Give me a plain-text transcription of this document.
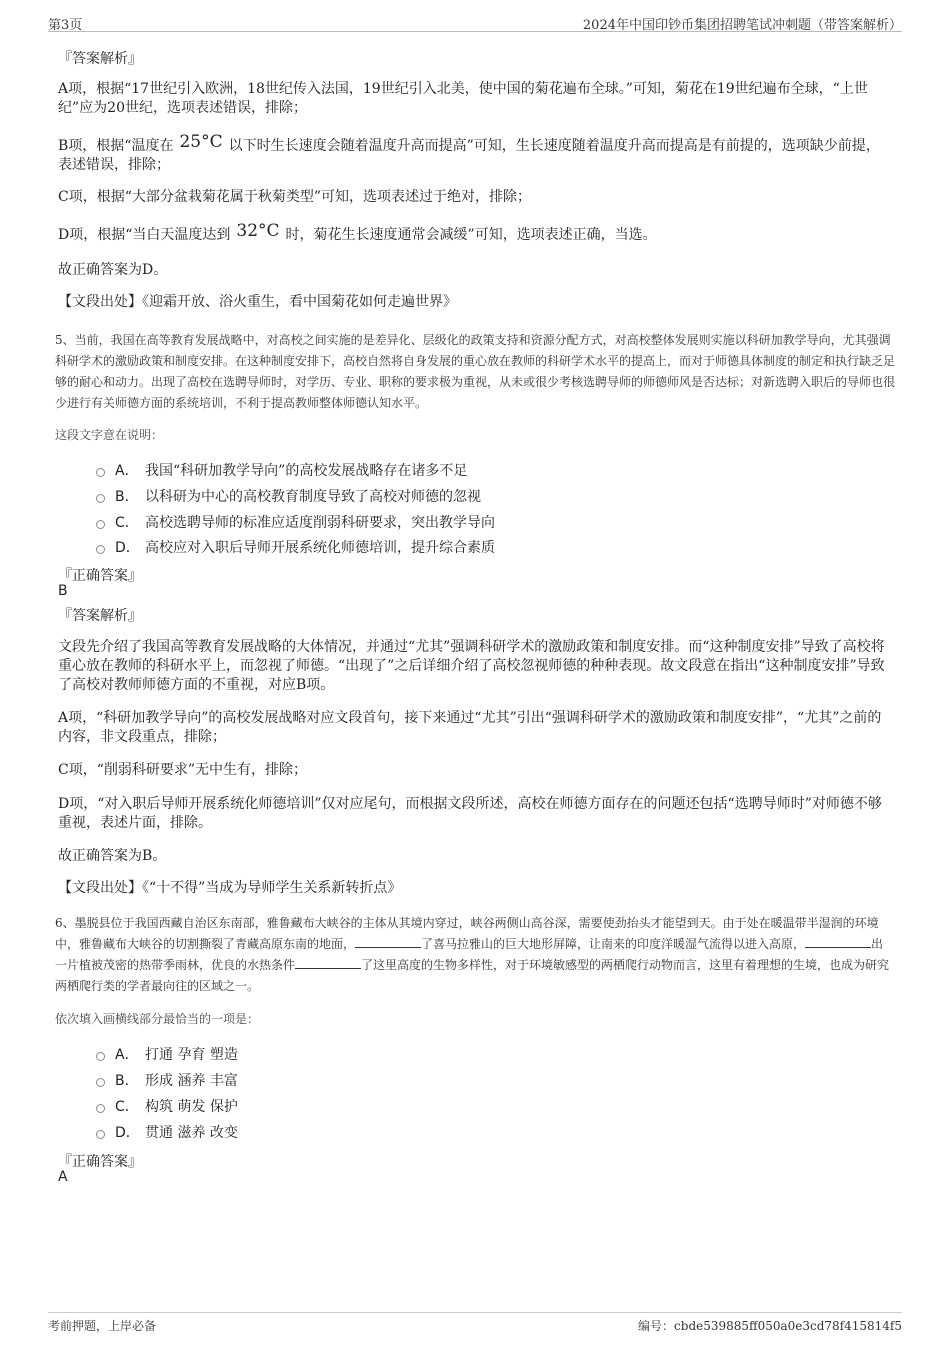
第3页	2024年中国印钞币集团招聘笔试冲刺题（带答案解析）
『答案解析』
A项，根据“17世纪引入欧洲，18世纪传入法国，19世纪引入北美，使中国的菊花遍布全球。”可知，菊花在19世纪遍布全球，“上世纪”应为20世纪，选项表述错误，排除；
B项，根据“温度在 25°C 以下时生长速度会随着温度升高而提高”可知，生长速度随着温度升高而提高是有前提的，选项缺少前提，表述错误，排除；
C项，根据“大部分盆栽菊花属于秋菊类型”可知，选项表述过于绝对，排除；
D项，根据“当白天温度达到 32°C 时，菊花生长速度通常会减缓”可知，选项表述正确，当选。
故正确答案为D。
【文段出处】《迎霜开放、浴火重生，看中国菊花如何走遍世界》
5、当前，我国在高等教育发展战略中，对高校之间实施的是差异化、层级化的政策支持和资源分配方式，对高校整体发展则实施以科研加教学导向，尤其强调科研学术的激励政策和制度安排。在这种制度安排下，高校自然将自身发展的重心放在教师的科研学术水平的提高上，而对于师德具体制度的制定和执行缺乏足够的耐心和动力。出现了高校在选聘导师时，对学历、专业、职称的要求极为重视，从未或很少考核选聘导师的师德师风是否达标；对新选聘入职后的导师也很少进行有关师德方面的系统培训，不利于提高教师整体师德认知水平。
这段文字意在说明：
A． 我国“科研加教学导向”的高校发展战略存在诸多不足
B． 以科研为中心的高校教育制度导致了高校对师德的忽视
C． 高校选聘导师的标准应适度削弱科研要求，突出教学导向
D． 高校应对入职后导师开展系统化师德培训，提升综合素质
『正确答案』
B
『答案解析』
文段先介绍了我国高等教育发展战略的大体情况，并通过“尤其”强调科研学术的激励政策和制度安排。而“这种制度安排”导致了高校将重心放在教师的科研水平上，而忽视了师德。“出现了”之后详细介绍了高校忽视师德的种种表现。故文段意在指出“这种制度安排”导致了高校对教师师德方面的不重视，对应B项。
A项，“科研加教学导向”的高校发展战略对应文段首句，接下来通过“尤其”引出“强调科研学术的激励政策和制度安排”，“尤其”之前的内容，非文段重点，排除；
C项，“削弱科研要求”无中生有，排除；
D项，“对入职后导师开展系统化师德培训”仅对应尾句，而根据文段所述，高校在师德方面存在的问题还包括“选聘导师时”对师德不够重视，表述片面，排除。
故正确答案为B。
【文段出处】《“十不得”当成为导师学生关系新转折点》
6、墨脱县位于我国西藏自治区东南部，雅鲁藏布大峡谷的主体从其境内穿过，峡谷两侧山高谷深，需要使劲抬头才能望到天。由于处在暖温带半湿润的环境中，雅鲁藏布大峡谷的切割撕裂了青藏高原东南的地面，	了喜马拉雅山的巨大地形屏障，让南来的印度洋暖湿气流得以进入高原，	出一片植被茂密的热带季雨林，优良的水热条件	了这里高度的生物多样性，对于环境敏感型的两栖爬行动物而言，这里有着理想的生境，也成为研究两栖爬行类的学者最向往的区域之一。
依次填入画横线部分最恰当的一项是：
A． 打通 孕育 塑造
B． 形成 涵养 丰富
C． 构筑 萌发 保护
D． 贯通 滋养 改变
『正确答案』
A
考前押题，上岸必备	编号：cbde539885ff050a0e3cd78f415814f5
